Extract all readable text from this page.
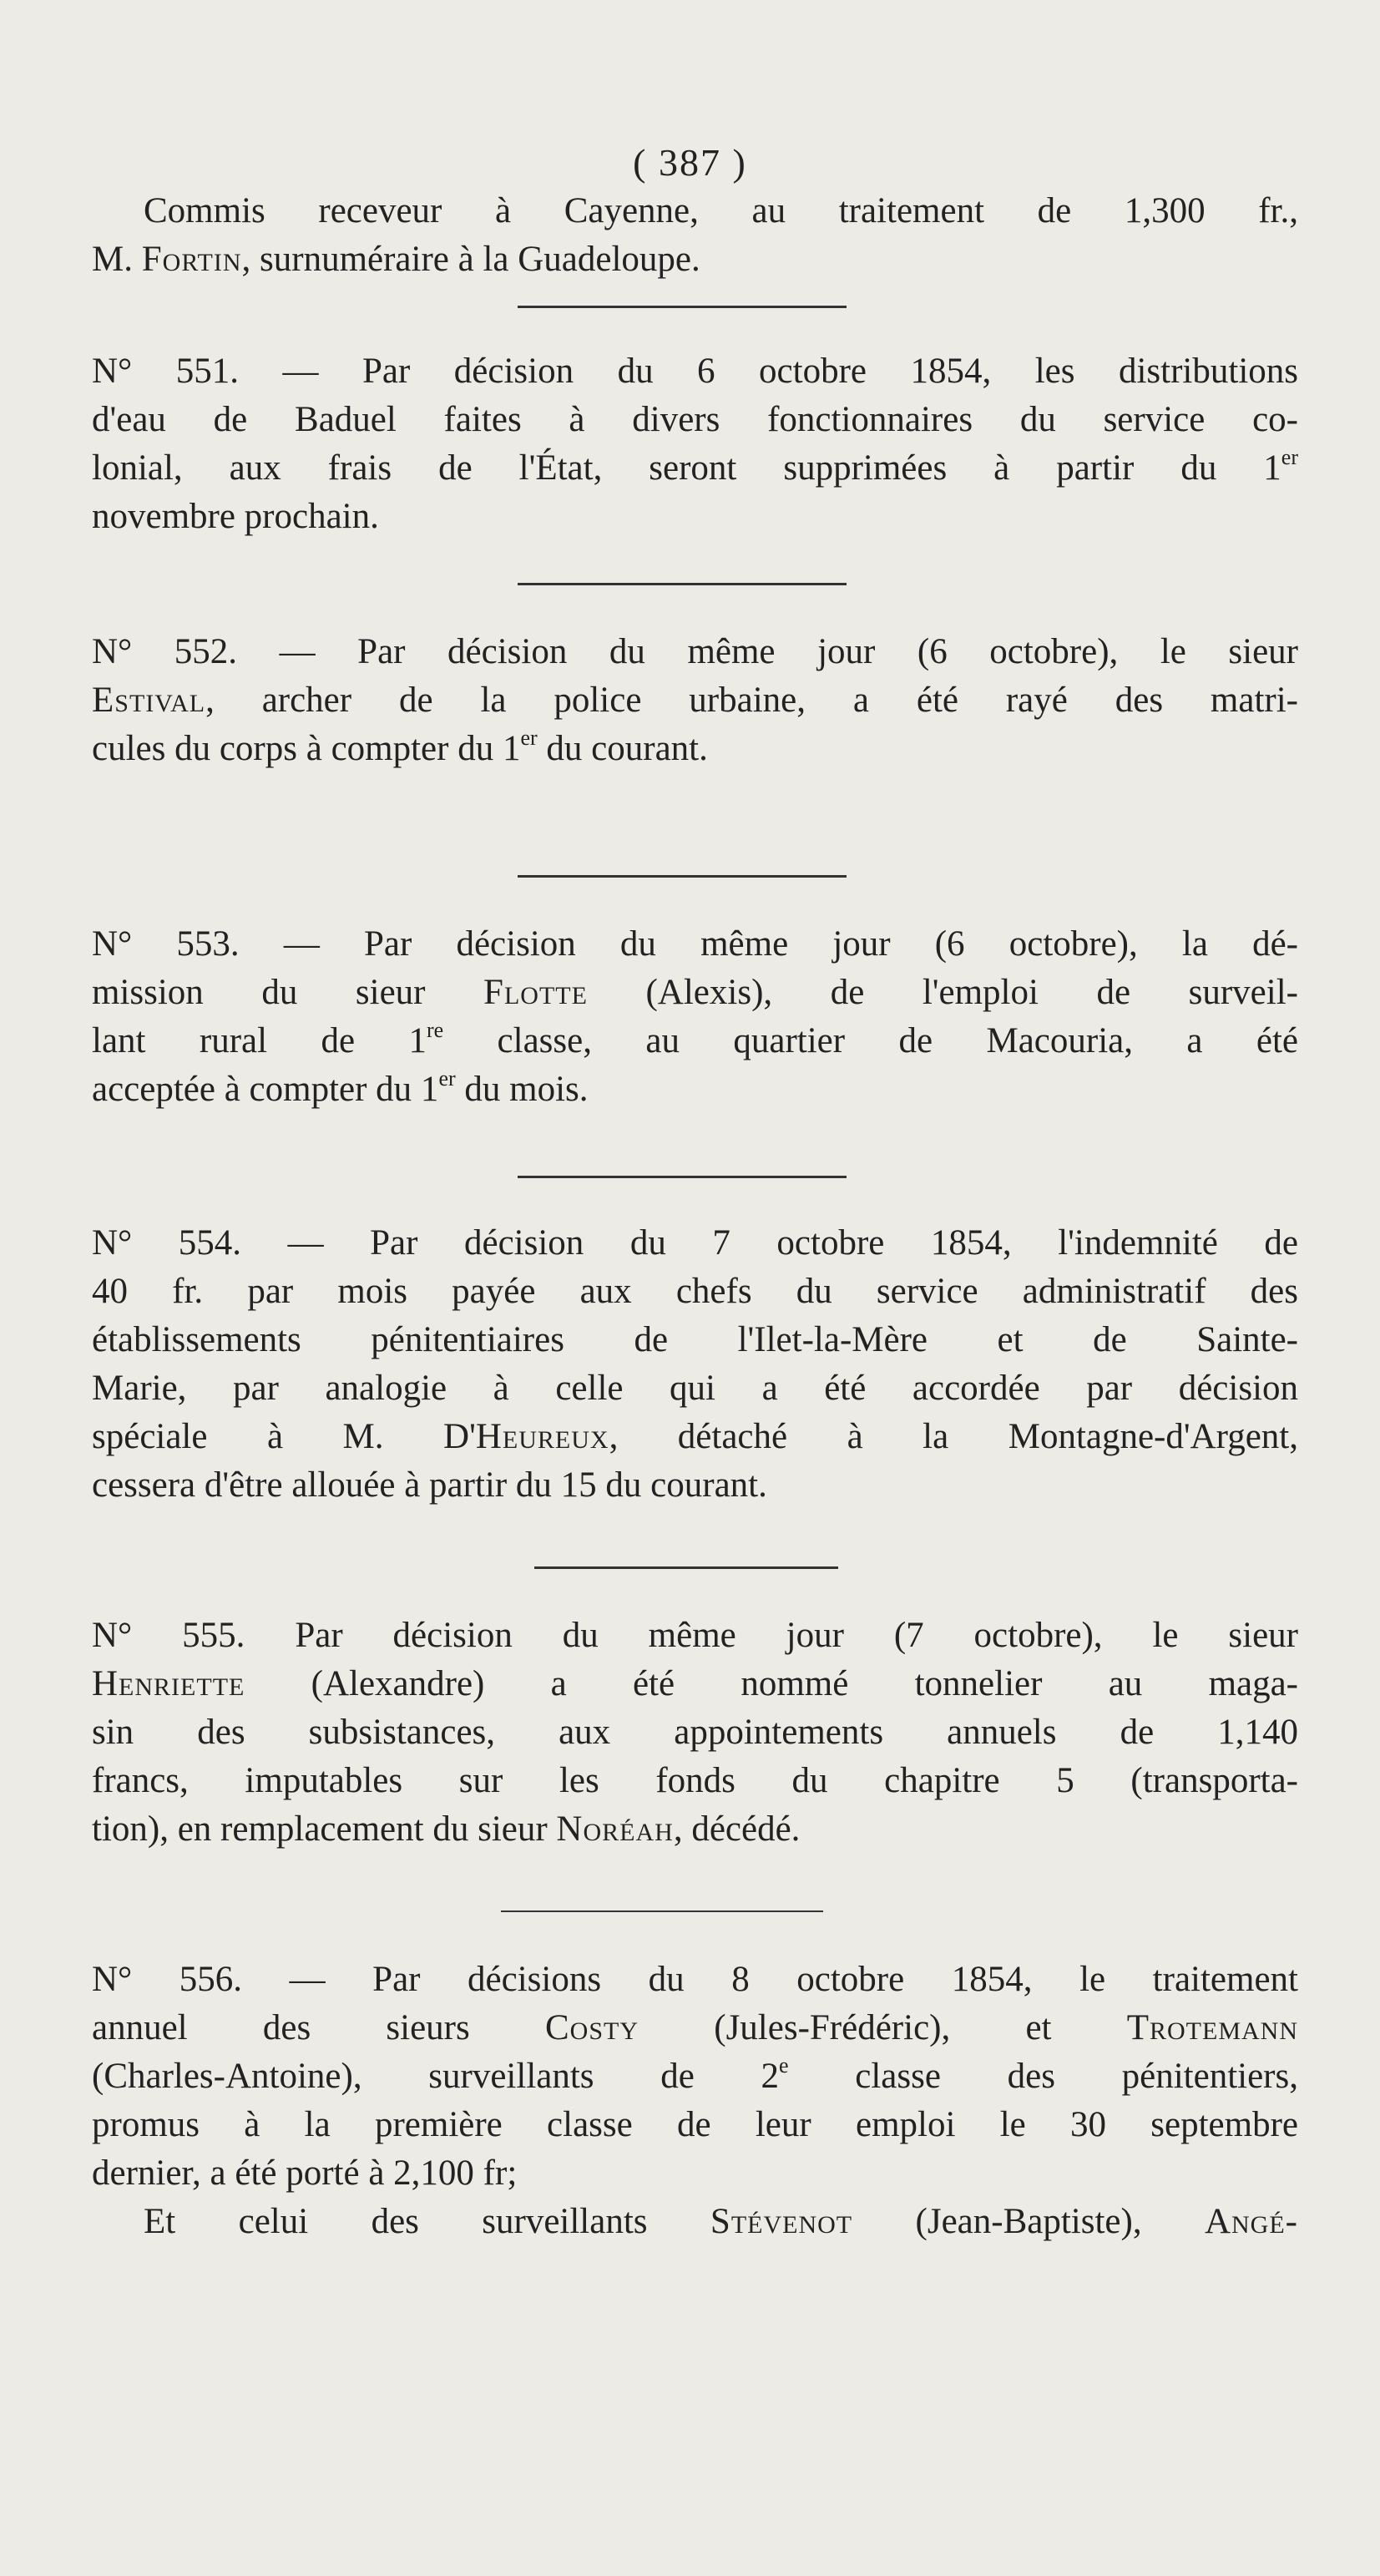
( 387 )
Commis receveur à Cayenne, au traitement de 1,300 fr.,
M. Fortin, surnuméraire à la Guadeloupe.
N° 551. — Par décision du 6 octobre 1854, les distributions
d'eau de Baduel faites à divers fonctionnaires du service co-
lonial, aux frais de l'État, seront supprimées à partir du 1er
novembre prochain.
N° 552. — Par décision du même jour (6 octobre), le sieur
Estival, archer de la police urbaine, a été rayé des matri-
cules du corps à compter du 1er du courant.
N° 553. — Par décision du même jour (6 octobre), la dé-
mission du sieur Flotte (Alexis), de l'emploi de surveil-
lant rural de 1re classe, au quartier de Macouria, a été
acceptée à compter du 1er du mois.
N° 554. — Par décision du 7 octobre 1854, l'indemnité de
40 fr. par mois payée aux chefs du service administratif des
établissements pénitentiaires de l'Ilet-la-Mère et de Sainte-
Marie, par analogie à celle qui a été accordée par décision
spéciale à M. D'Heureux, détaché à la Montagne-d'Argent,
cessera d'être allouée à partir du 15 du courant.
N° 555. Par décision du même jour (7 octobre), le sieur
Henriette (Alexandre) a été nommé tonnelier au maga-
sin des subsistances, aux appointements annuels de 1,140
francs, imputables sur les fonds du chapitre 5 (transporta-
tion), en remplacement du sieur Noréah, décédé.
N° 556. — Par décisions du 8 octobre 1854, le traitement
annuel des sieurs Costy (Jules-Frédéric), et Trotemann
(Charles-Antoine), surveillants de 2e classe des pénitentiers,
promus à la première classe de leur emploi le 30 septembre
dernier, a été porté à 2,100 fr;
Et celui des surveillants Stévenot (Jean-Baptiste), Angé-
